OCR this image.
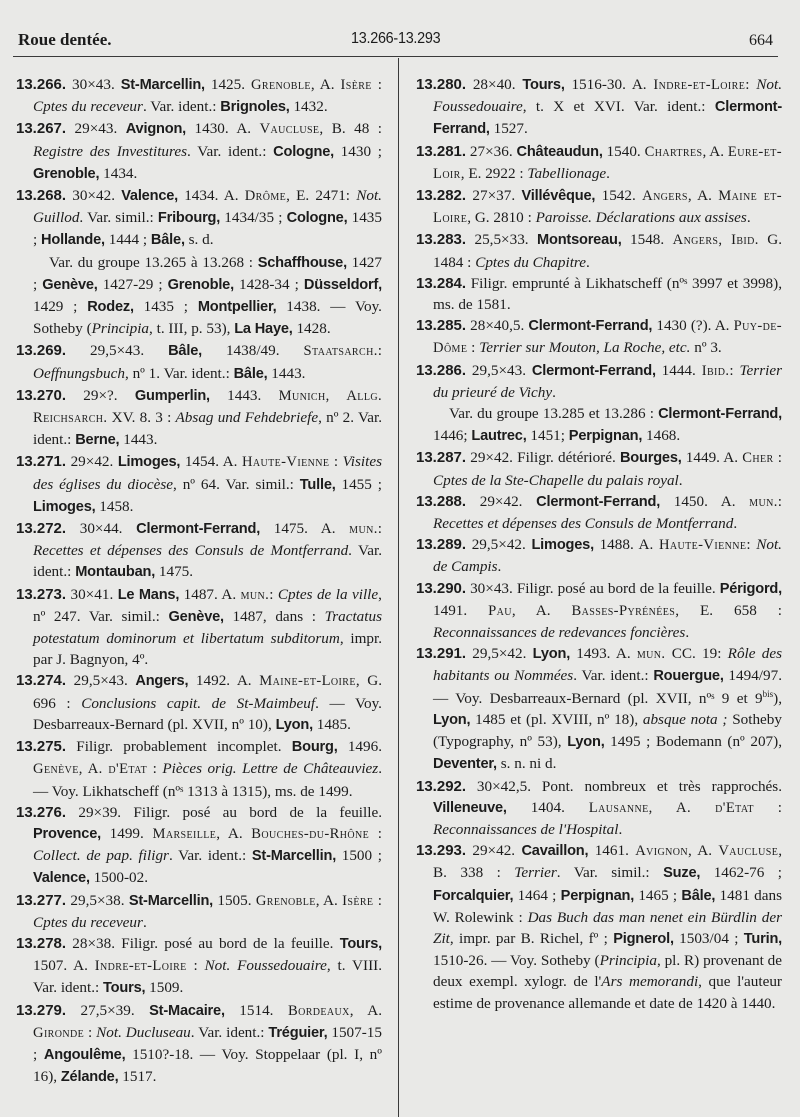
Roue dentée.	13.266-13.293	664

13.266. 30×43. St-Marcellin, 1425. Grenoble, A. Isère : Cptes du receveur. Var. ident.: Brignoles, 1432.

13.267. 29×43. Avignon, 1430. A. Vaucluse, B. 48 : Registre des Investitures. Var. ident.: Cologne, 1430 ; Grenoble, 1434.

13.268. 30×42. Valence, 1434. A. Drôme, E. 2471: Not. Guillod. Var. simil.: Fribourg, 1434/35 ; Cologne, 1435 ; Hollande, 1444 ; Bâle, s. d.

Var. du groupe 13.265 à 13.268 : Schaffhouse, 1427 ; Genève, 1427-29 ; Grenoble, 1428-34 ; Düsseldorf, 1429 ; Rodez, 1435 ; Montpellier, 1438. — Voy. Sotheby (Principia, t. III, p. 53), La Haye, 1428.

13.269. 29,5×43. Bâle, 1438/49. Staatsarch.: Oeffnungsbuch, nº 1. Var. ident.: Bâle, 1443.

13.270. 29×?. Gumperlin, 1443. Munich, Allg. Reichsarch. XV. 8. 3 : Absag und Fehdebriefe, nº 2. Var. ident.: Berne, 1443.

13.271. 29×42. Limoges, 1454. A. Haute-Vienne : Visites des églises du diocèse, nº 64. Var. simil.: Tulle, 1455 ; Limoges, 1458.

13.272. 30×44. Clermont-Ferrand, 1475. A. mun.: Recettes et dépenses des Consuls de Montferrand. Var. ident.: Montauban, 1475.

13.273. 30×41. Le Mans, 1487. A. mun.: Cptes de la ville, nº 247. Var. simil.: Genève, 1487, dans : Tractatus potestatum dominorum et libertatum subditorum, impr. par J. Bagnyon, 4º.

13.274. 29,5×43. Angers, 1492. A. Maine-et-Loire, G. 696 : Conclusions capit. de St-Maimbeuf. — Voy. Desbarreaux-Bernard (pl. XVII, nº 10), Lyon, 1485.

13.275. Filigr. probablement incomplet. Bourg, 1496. Genève, A. d'Etat : Pièces orig. Lettre de Châteauviez. — Voy. Likhatscheff (nºˢ 1313 à 1315), ms. de 1499.

13.276. 29×39. Filigr. posé au bord de la feuille. Provence, 1499. Marseille, A. Bouches-du-Rhône : Collect. de pap. filigr. Var. ident.: St-Marcellin, 1500 ; Valence, 1500-02.

13.277. 29,5×38. St-Marcellin, 1505. Grenoble, A. Isère : Cptes du receveur.

13.278. 28×38. Filigr. posé au bord de la feuille. Tours, 1507. A. Indre-et-Loire : Not. Foussedouaire, t. VIII. Var. ident.: Tours, 1509.

13.279. 27,5×39. St-Macaire, 1514. Bordeaux, A. Gironde : Not. Ducluseau. Var. ident.: Tréguier, 1507-15 ; Angoulême, 1510?-18. — Voy. Stoppelaar (pl. I, nº 16), Zélande, 1517.

13.280. 28×40. Tours, 1516-30. A. Indre-et-Loire: Not. Foussedouaire, t. X et XVI. Var. ident.: Clermont-Ferrand, 1527.

13.281. 27×36. Châteaudun, 1540. Chartres, A. Eure-et-Loir, E. 2922 : Tabellionage.

13.282. 27×37. Villévêque, 1542. Angers, A. Maine et-Loire, G. 2810 : Paroisse. Déclarations aux assises.

13.283. 25,5×33. Montsoreau, 1548. Angers, Ibid. G. 1484 : Cptes du Chapitre.

13.284. Filigr. emprunté à Likhatscheff (nºˢ 3997 et 3998), ms. de 1581.

13.285. 28×40,5. Clermont-Ferrand, 1430 (?). A. Puy-de-Dôme : Terrier sur Mouton, La Roche, etc. nº 3.

13.286. 29,5×43. Clermont-Ferrand, 1444. Ibid.: Terrier du prieuré de Vichy.

Var. du groupe 13.285 et 13.286 : Clermont-Ferrand, 1446; Lautrec, 1451; Perpignan, 1468.

13.287. 29×42. Filigr. détérioré. Bourges, 1449. A. Cher : Cptes de la Ste-Chapelle du palais royal.

13.288. 29×42. Clermont-Ferrand, 1450. A. mun.: Recettes et dépenses des Consuls de Montferrand.

13.289. 29,5×42. Limoges, 1488. A. Haute-Vienne: Not. de Campis.

13.290. 30×43. Filigr. posé au bord de la feuille. Périgord, 1491. Pau, A. Basses-Pyrénées, E. 658 : Reconnaissances de redevances foncières.

13.291. 29,5×42. Lyon, 1493. A. mun. CC. 19: Rôle des habitants ou Nommées. Var. ident.: Rouergue, 1494/97. — Voy. Desbarreaux-Bernard (pl. XVII, nºˢ 9 et $9^{bis}$), Lyon, 1485 et (pl. XVIII, nº 18), absque nota ; Sotheby (Typography, nº 53), Lyon, 1495 ; Bodemann (nº 207), Deventer, s. n. ni d.

13.292. 30×42,5. Pont. nombreux et très rapprochés. Villeneuve, 1404. Lausanne, A. d'Etat : Reconnaissances de l'Hospital.

13.293. 29×42. Cavaillon, 1461. Avignon, A. Vaucluse, B. 338 : Terrier. Var. simil.: Suze, 1462-76 ; Forcalquier, 1464 ; Perpignan, 1465 ; Bâle, 1481 dans W. Rolewink : Das Buch das man nenet ein Bürdlin der Zit, impr. par B. Richel, fº ; Pignerol, 1503/04 ; Turin, 1510-26. — Voy. Sotheby (Principia, pl. R) provenant de deux exempl. xylogr. de l'Ars memorandi, que l'auteur estime de provenance allemande et date de 1420 à 1440.
